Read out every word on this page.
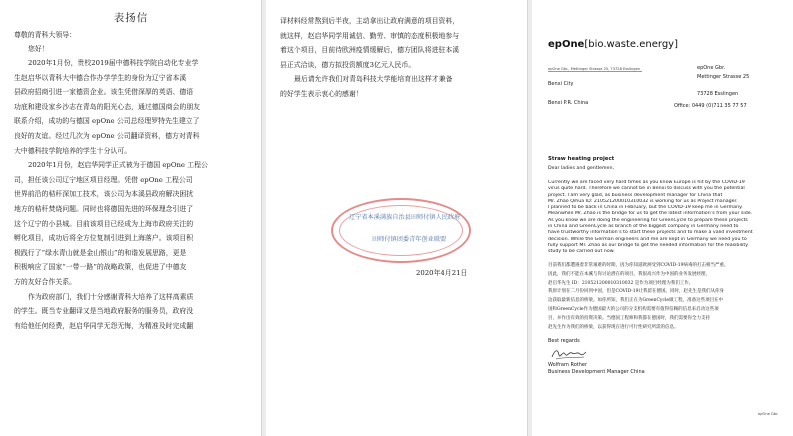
表扬信
尊敬的青科大领导：
您好！
2020年1月份，贵校2019届中德科技学院自动化专业学
生赵启华以青科大中德合作办学学生的身份为辽宁省本溪
县政府招商引进一家德资企业。该生凭借深厚的英语、德语
功底和建设家乡沙志在青岛的阳光心态，通过德国商会的朋友
联系介绍，成功的与德国 epOne 公司总经理罗特先生建立了
良好的友谊。经过几次为 epOne 公司翻译资料，德方对青科
大中德科技学院培养的学生十分认可。
2020年1月份，赵启华同学正式被为于德国 epOne 工程公
司，担任该公司辽宁地区项目经理。凭借 epOne 工程公司
世界前沿的秸秆深加工技术，该公司为本溪县政府解决困扰
地方的秸秆焚烧问题。同时也将德国先进的环保理念引进了
这个辽宁的小县城。目前该项目已经成为上海市政府关注的
孵化项目，成功后将全方位复制引进到上海落户。该项目积
极践行了“绿水青山就是金山银山”的和谐发展思路，更是
积极响应了国家“一带一路”的战略政策，也促进了中德友
方的友好合作关系。
作为政府部门，我们十分感谢青科大培养了这样高素质
的学生。既当专业翻译又是当地政府服务的服务员，政府没
有给他任何经费，赵启华同学无怨无悔，为精准及时完成翻
译材料经常熬到后半夜，主动拿出让政府满意的项目资料，
就这样，赵启华同学用诚信、勤劳、审慎的态度积极地参与
着这个项目，目前待欧洲疫情缓解后，德方团队将进驻本溪
县正式洽谈，德方拟投资额度3亿元人民币。
最后请允许我们对青岛科技大学能培育出这样才兼备
的好学生表示衷心的感谢！
辽宁省本溪满族自治县田师付镇人民政府
田师付镇团委青年创业联盟
2020年4月21日
epOne[bio.waste.energy]
epOne Gbr., Mettinger Strasse 25, 73728 Esslingen	epOne Gbr.
Mettinger Strasse 25
73728 Esslingen
Office: 0449 (0)711 35 77 57
Benxi City
Benxi P.R. China
Straw heating project
Dear ladies and gentlemen,
Currently we are faced very hard times as you know Europe is hit by the COVID-19
virus quite hard. Therefore we cannot be in Benxi to discuss with you the potential
project. I am very glad, as business development manager for China that
Mr. Zhao Qihua ID: 210521200010310032 is working for us as Project manager.
I planned to be back in China in February, but the COVID-19 keep me in Germany.
Meanwhile Mr. Zhao is the bridge for us to get the latest information’s from your side.
As you know we are doing the engineering for GreenCycle to prepare these projects
in China and GreenCycle as branch of the biggest company in Germany need to
have trustworthy information’s to start these projects and to make a valid investment
decision. While the German engineers and me are kept in Germany we need you to
fully support Mr. Zhao as our bridge to get the needed information for the feasibility
study to be carried out now.
目前我们都遭遇着非常艰难的时期，因为你知道欧洲受到COVID-19病毒的打击相当严重。
因此，我们不能在本溪与你讨论潜在的项目。我很高兴作为中国的业务发展经理，
赵启华先生 ID：210521200010310032 是作为项目经理为我们工作。
我原计划在二月份回到中国，但是COVID-19让我留在德国。同时，赵先生是我们从你身
边获取最新信息的桥梁。如你所知，我们正在为GreenCycle做工程，准备这些项目在中
国和GreenCycle作为德国最大的公司的分支机构需要有值得信赖的信息来启动这些项
目，并作出有效的投资决策。当德国工程师和我都在德国时，我们需要你全力支持
赵先生作为我们的桥梁，以获得现在进行可行性研究所需的信息。
Best regards
Wolfram Rother
Business Development Manager China
epOne Gbr.
